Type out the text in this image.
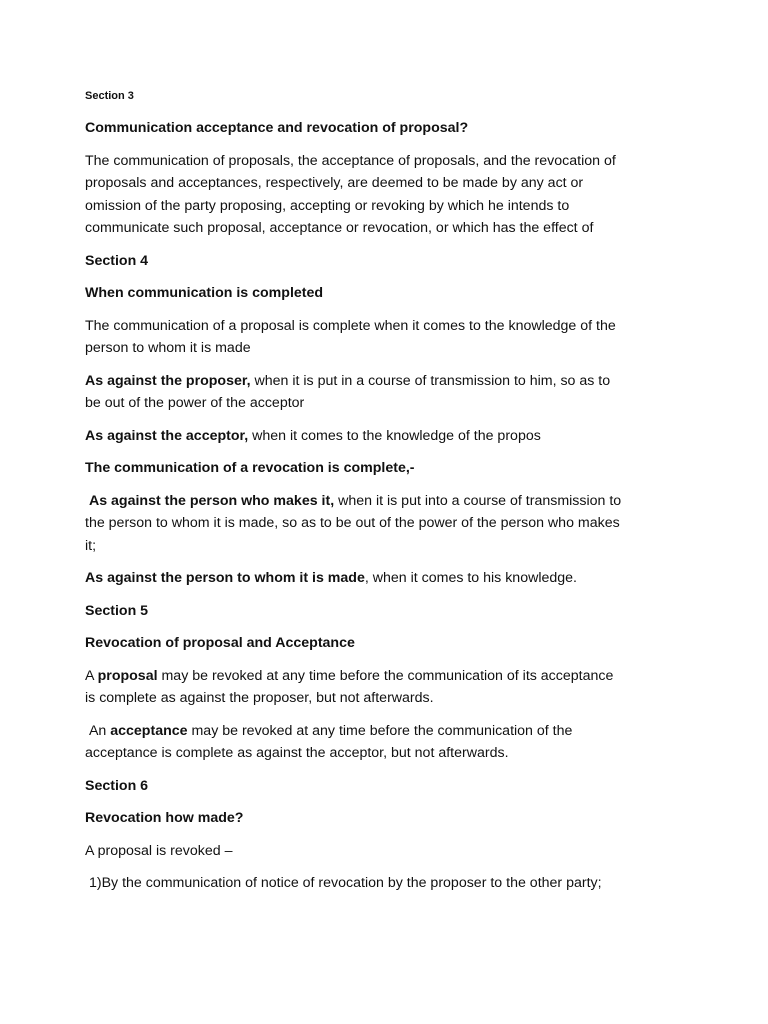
Section 3

Communication acceptance and revocation of proposal?

The communication of proposals, the acceptance of proposals, and the revocation of proposals and acceptances, respectively, are deemed to be made by any act or omission of the party proposing, accepting or revoking by which he intends to communicate such proposal, acceptance or revocation, or which has the effect of

Section 4

When communication is completed

The communication of a proposal is complete when it comes to the knowledge of the person to whom it is made

As against the proposer, when it is put in a course of transmission to him, so as to be out of the power of the acceptor

As against the acceptor, when it comes to the knowledge of the propos

The communication of a revocation is complete,-

As against the person who makes it, when it is put into a course of transmission to the person to whom it is made, so as to be out of the power of the person who makes it;

As against the person to whom it is made, when it comes to his knowledge.

Section 5

Revocation of proposal and Acceptance

A proposal may be revoked at any time before the communication of its acceptance is complete as against the proposer, but not afterwards.

An acceptance may be revoked at any time before the communication of the acceptance is complete as against the acceptor, but not afterwards.

Section 6

Revocation how made?

A proposal is revoked –

1)By the communication of notice of revocation by the proposer to the other party;
